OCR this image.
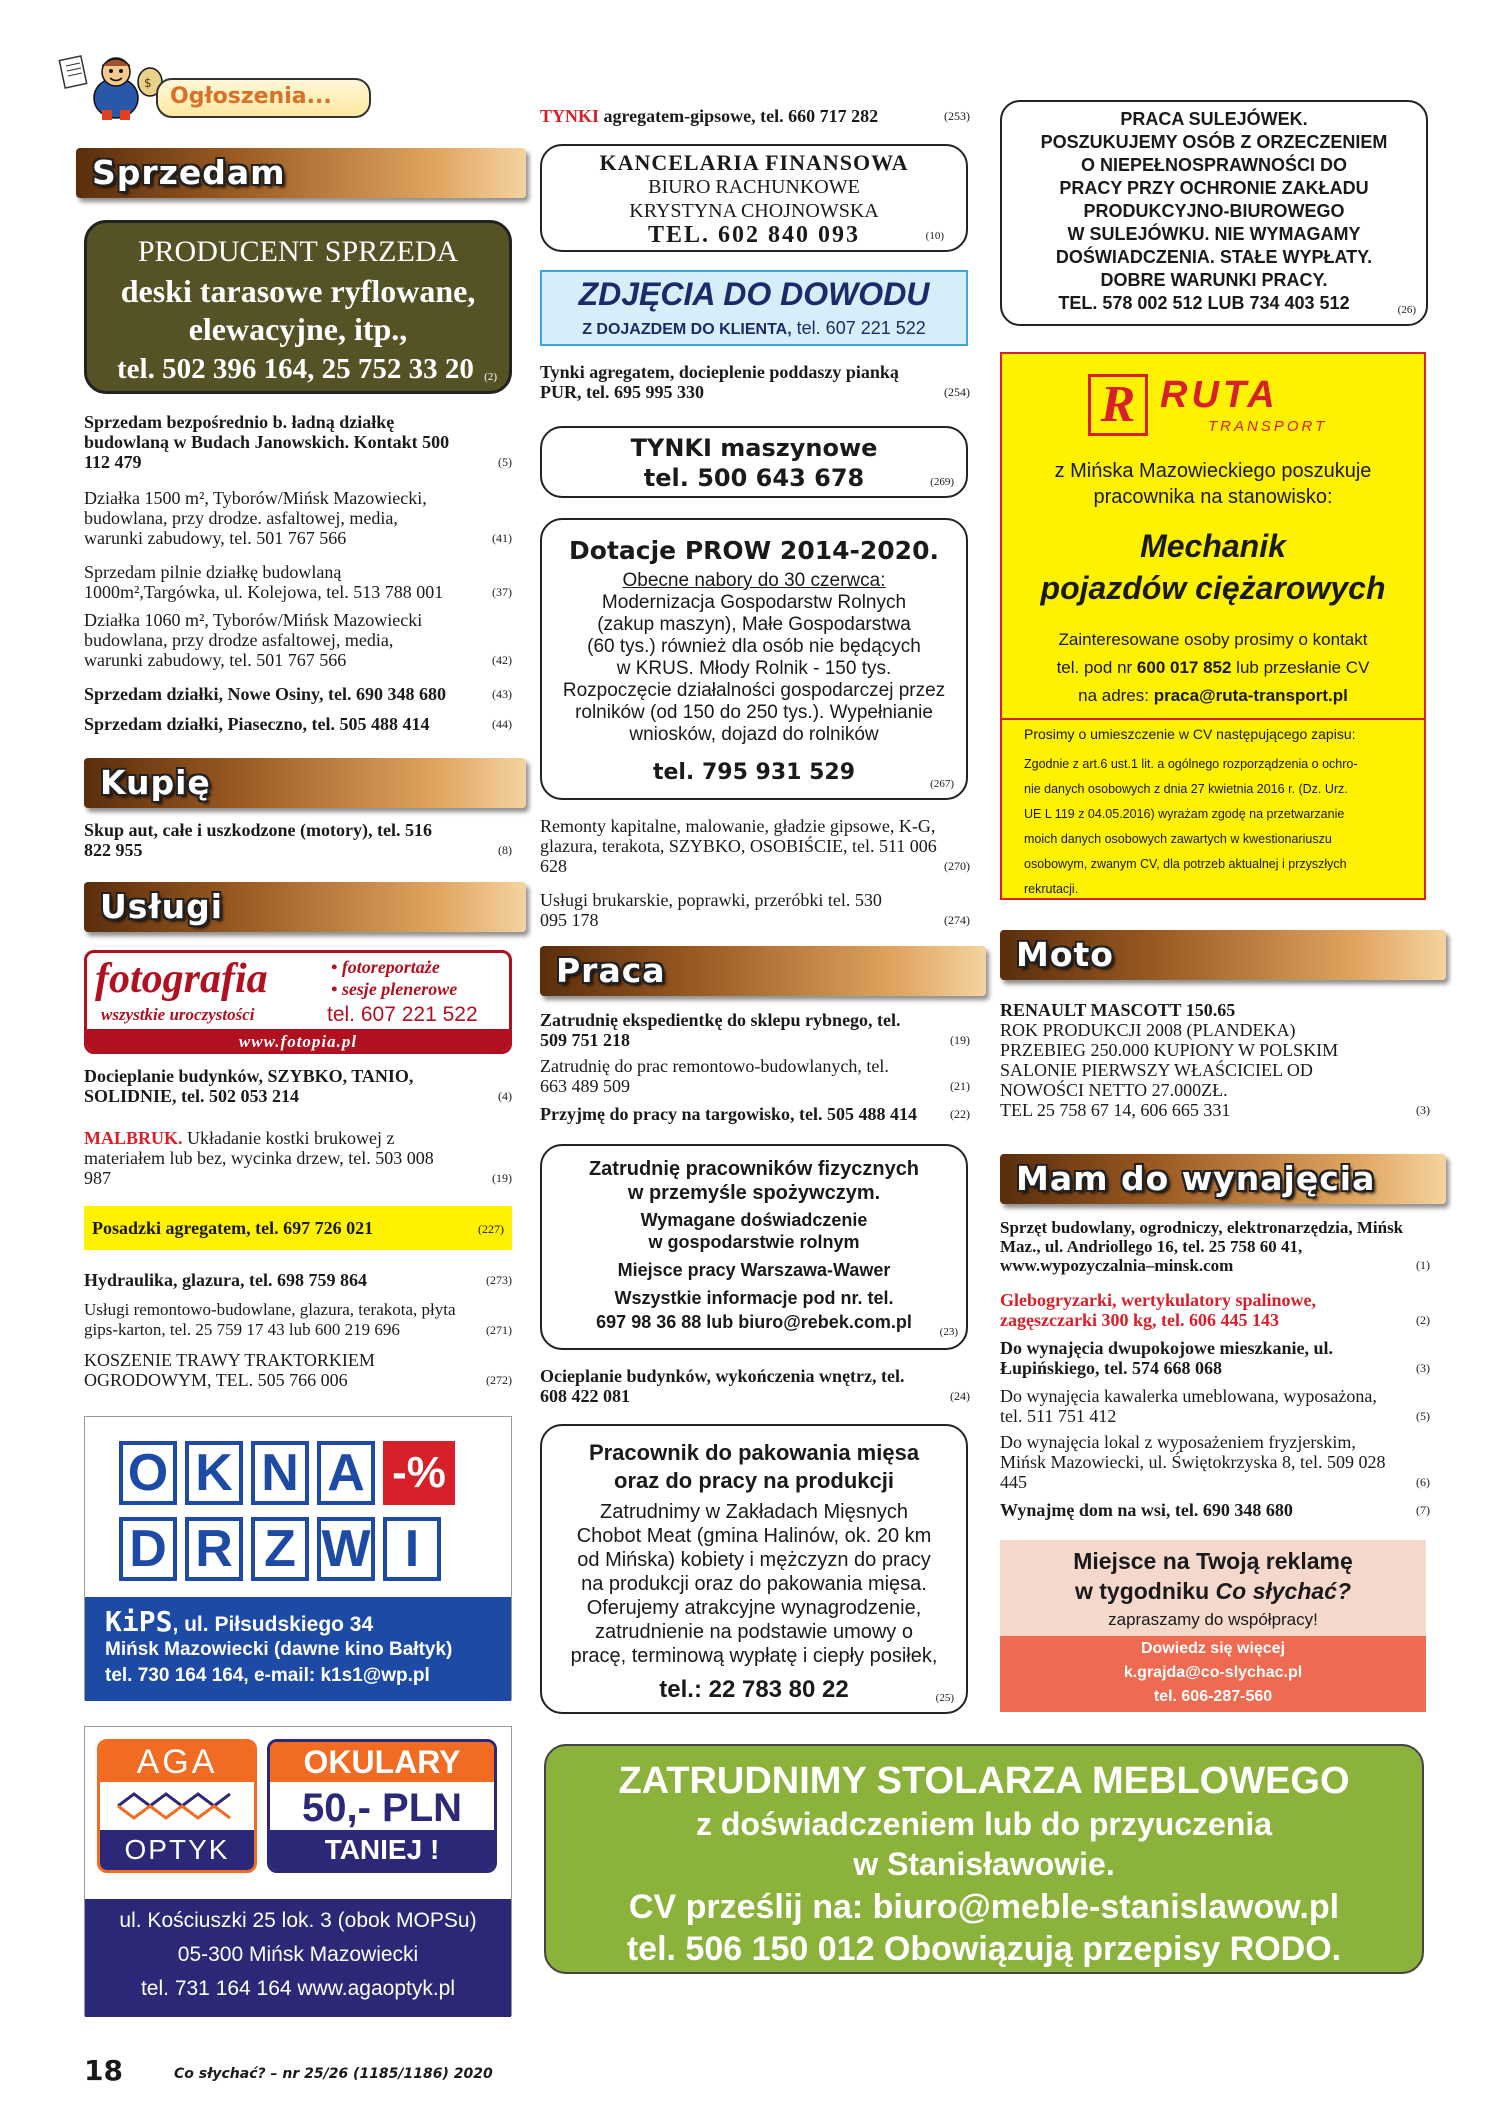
$
Ogłoszenia...
Sprzedam
PRODUCENT SPRZEDA
deski tarasowe ryflowane,
elewacyjne, itp.,
tel. 502 396 164, 25 752 33 20 (2)
Sprzedam bezpośrednio b. ładną działkę budowlaną w Budach Janowskich. Kontakt 500 112 479	(5)
Działka 1500 m², Tyborów/Mińsk Mazowiecki, budowlana, przy drodze. asfaltowej, media, warunki zabudowy, tel. 501 767 566	(41)
Sprzedam pilnie działkę budowlaną 1000m²,Targówka, ul. Kolejowa, tel. 513 788 001	(37)
Działka 1060 m², Tyborów/Mińsk Mazowiecki budowlana, przy drodze asfaltowej, media, warunki zabudowy, tel. 501 767 566	(42)
Sprzedam działki, Nowe Osiny, tel. 690 348 680	(43)
Sprzedam działki, Piaseczno, tel. 505 488 414	(44)
Kupię
Skup aut, całe i uszkodzone (motory), tel. 516 822 955	(8)
Usługi
fotografia	• fotoreportaże
• sesje plenerowe
wszystkie uroczystości	tel. 607 221 522
www.fotopia.pl
Docieplanie budynków, SZYBKO, TANIO, SOLIDNIE, tel. 502 053 214	(4)
MALBRUK. Układanie kostki brukowej z materiałem lub bez, wycinka drzew, tel. 503 008 987	(19)
Posadzki agregatem, tel. 697 726 021	(227)
Hydraulika, glazura, tel. 698 759 864	(273)
Usługi remontowo-budowlane, glazura, terakota, płyta gips-karton, tel. 25 759 17 43 lub 600 219 696	(271)
KOSZENIE TRAWY TRAKTORKIEM OGRODOWYM, TEL. 505 766 006	(272)
O K N A -%
D R Z W I
KiPS, ul. Piłsudskiego 34
Mińsk Mazowiecki (dawne kino Bałtyk)
tel. 730 164 164, e-mail: k1s1@wp.pl
AGA
OPTYK
OKULARY
50,- PLN
TANIEJ !
ul. Kościuszki 25 lok. 3 (obok MOPSu)
05-300 Mińsk Mazowiecki
tel. 731 164 164 www.agaoptyk.pl
TYNKI agregatem-gipsowe, tel. 660 717 282	(253)
KANCELARIA FINANSOWA
BIURO RACHUNKOWE
KRYSTYNA CHOJNOWSKA
TEL. 602 840 093	(10)
ZDJĘCIA DO DOWODU
Z DOJAZDEM DO KLIENTA, tel. 607 221 522
Tynki agregatem, docieplenie poddaszy pianką PUR, tel. 695 995 330	(254)
TYNKI maszynowe
tel. 500 643 678	(269)
Dotacje PROW 2014-2020.
Obecne nabory do 30 czerwca:
Modernizacja Gospodarstw Rolnych
(zakup maszyn), Małe Gospodarstwa
(60 tys.) również dla osób nie będących
w KRUS. Młody Rolnik - 150 tys.
Rozpoczęcie działalności gospodarczej przez
rolników (od 150 do 250 tys.). Wypełnianie
wniosków, dojazd do rolników
tel. 795 931 529	(267)
Remonty kapitalne, malowanie, gładzie gipsowe, K-G, glazura, terakota, SZYBKO, OSOBIŚCIE, tel. 511 006 628	(270)
Usługi brukarskie, poprawki, przeróbki tel. 530 095 178	(274)
Praca
Zatrudnię ekspedientkę do sklepu rybnego, tel. 509 751 218	(19)
Zatrudnię do prac remontowo-budowlanych, tel. 663 489 509	(21)
Przyjmę do pracy na targowisko, tel. 505 488 414	(22)
Zatrudnię pracowników fizycznych
w przemyśle spożywczym.
Wymagane doświadczenie
w gospodarstwie rolnym
Miejsce pracy Warszawa-Wawer
Wszystkie informacje pod nr. tel.
697 98 36 88 lub biuro@rebek.com.pl	(23)
Ocieplanie budynków, wykończenia wnętrz, tel. 608 422 081	(24)
Pracownik do pakowania mięsa
oraz do pracy na produkcji
Zatrudnimy w Zakładach Mięsnych
Chobot Meat (gmina Halinów, ok. 20 km
od Mińska) kobiety i mężczyzn do pracy
na produkcji oraz do pakowania mięsa.
Oferujemy atrakcyjne wynagrodzenie,
zatrudnienie na podstawie umowy o
pracę, terminową wypłatę i ciepły posiłek,
tel.: 22 783 80 22	(25)
PRACA SULEJÓWEK.
POSZUKUJEMY OSÓB Z ORZECZENIEM
O NIEPEŁNOSPRAWNOŚCI DO
PRACY PRZY OCHRONIE ZAKŁADU
PRODUKCYJNO-BIUROWEGO
W SULEJÓWKU. NIE WYMAGAMY
DOŚWIADCZENIA. STAŁE WYPŁATY.
DOBRE WARUNKI PRACY.
TEL. 578 002 512 LUB 734 403 512	(26)
R RUTA
TRANSPORT
z Mińska Mazowieckiego poszukuje
pracownika na stanowisko:
Mechanik
pojazdów ciężarowych
Zainteresowane osoby prosimy o kontakt
tel. pod nr 600 017 852 lub przesłanie CV
na adres: praca@ruta-transport.pl
Prosimy o umieszczenie w CV następującego zapisu:
Zgodnie z art.6 ust.1 lit. a ogólnego rozporządzenia o ochro-
nie danych osobowych z dnia 27 kwietnia 2016 r. (Dz. Urz.
UE L 119 z 04.05.2016) wyrażam zgodę na przetwarzanie
moich danych osobowych zawartych w kwestionariuszu
osobowym, zwanym CV, dla potrzeb aktualnej i przyszłych
rekrutacji.
Moto
RENAULT MASCOTT 150.65
ROK PRODUKCJI 2008 (PLANDEKA)
PRZEBIEG 250.000 KUPIONY W POLSKIM
SALONIE PIERWSZY WŁAŚCICIEL OD
NOWOŚCI NETTO 27.000ZŁ.
TEL 25 758 67 14, 606 665 331	(3)
Mam do wynajęcia
Sprzęt budowlany, ogrodniczy, elektronarzędzia, Mińsk Maz., ul. Andriollego 16, tel. 25 758 60 41, www.wypozyczalnia–minsk.com	(1)
Glebogryzarki, wertykulatory spalinowe, zagęszczarki 300 kg, tel. 606 445 143	(2)
Do wynajęcia dwupokojowe mieszkanie, ul. Łupińskiego, tel. 574 668 068	(3)
Do wynajęcia kawalerka umeblowana, wyposażona, tel. 511 751 412	(5)
Do wynajęcia lokal z wyposażeniem fryzjerskim, Mińsk Mazowiecki, ul. Świętokrzyska 8, tel. 509 028 445	(6)
Wynajmę dom na wsi, tel. 690 348 680	(7)
Miejsce na Twoją reklamę
w tygodniku Co słychać?
zapraszamy do współpracy!
Dowiedz się więcej
k.grajda@co-slychac.pl
tel. 606-287-560
ZATRUDNIMY STOLARZA MEBLOWEGO
z doświadczeniem lub do przyuczenia
w Stanisławowie.
CV prześlij na: biuro@meble-stanislawow.pl
tel. 506 150 012 Obowiązują przepisy RODO.
18	Co słychać? – nr 25/26 (1185/1186) 2020
